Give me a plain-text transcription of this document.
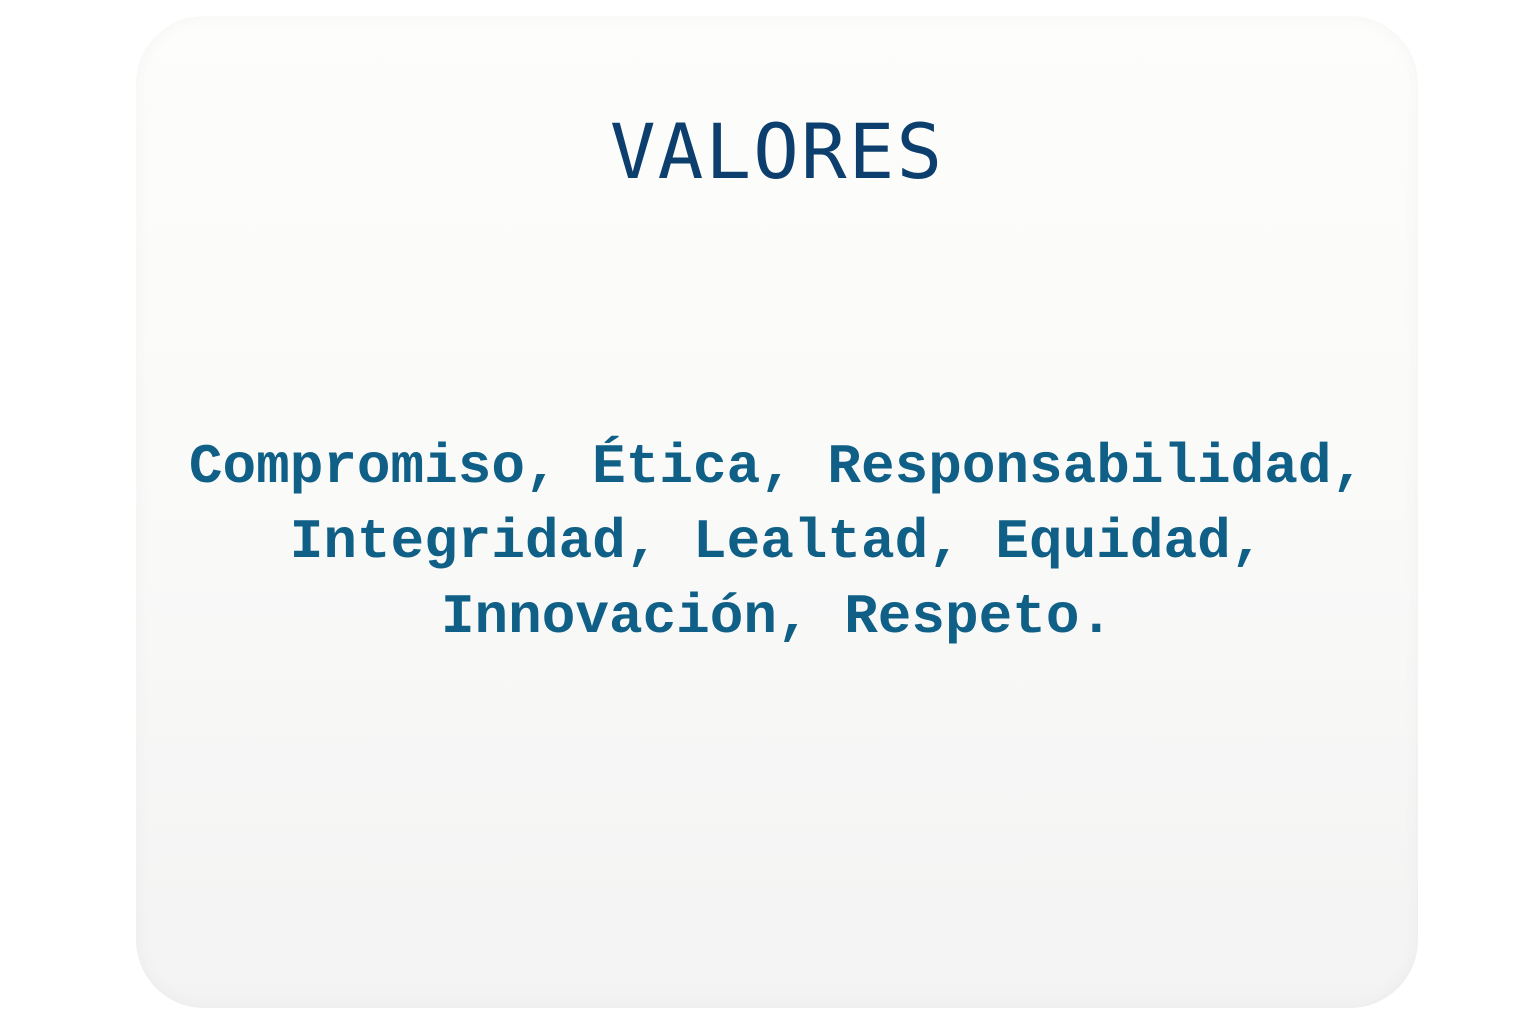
VALORES

Compromiso, Ética, Responsabilidad,
Integridad, Lealtad, Equidad,
Innovación, Respeto.
